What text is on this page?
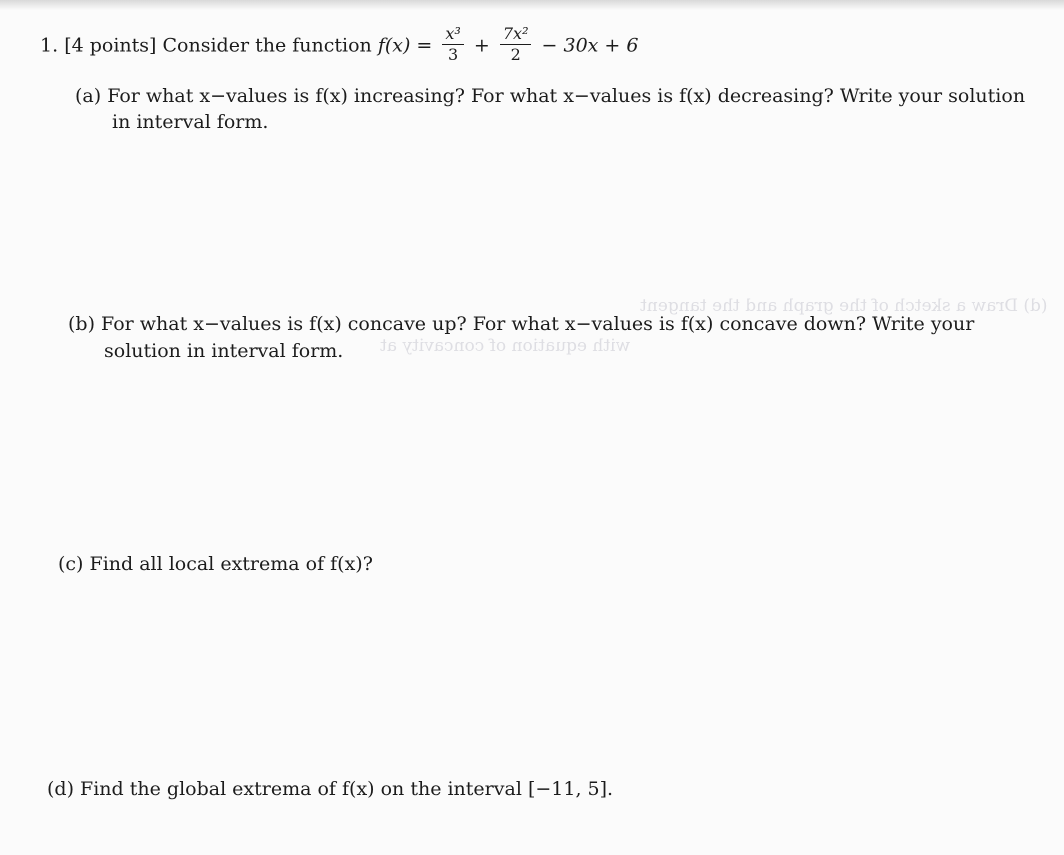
(d) Draw a sketch of the graph and the tangent
with equation of concavity at
1. [4 points] Consider the function $f(x) = \frac{\text{x³}}{3} + \frac{\text{7x²}}{2} - 30x + 6$
(a) For what x−values is f(x) increasing? For what x−values is f(x) decreasing? Write your solution
in interval form.
(b) For what x−values is f(x) concave up? For what x−values is f(x) concave down? Write your
solution in interval form.
(c) Find all local extrema of f(x)?
(d) Find the global extrema of f(x) on the interval [−11, 5].
